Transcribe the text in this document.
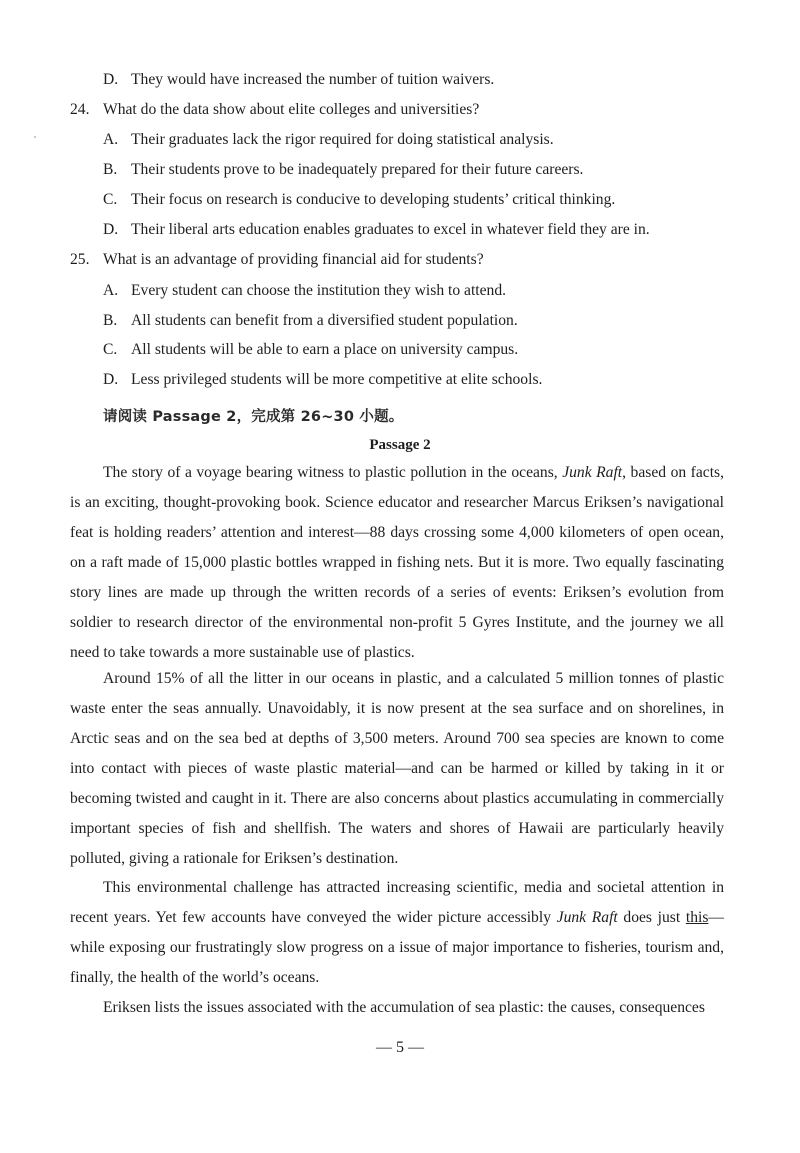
D. They would have increased the number of tuition waivers.
24. What do the data show about elite colleges and universities?
A. Their graduates lack the rigor required for doing statistical analysis.
B. Their students prove to be inadequately prepared for their future careers.
C. Their focus on research is conducive to developing students’ critical thinking.
D. Their liberal arts education enables graduates to excel in whatever field they are in.
25. What is an advantage of providing financial aid for students?
A. Every student can choose the institution they wish to attend.
B. All students can benefit from a diversified student population.
C. All students will be able to earn a place on university campus.
D. Less privileged students will be more competitive at elite schools.
请阅读 Passage 2，完成第 26~30 小题。
Passage 2
The story of a voyage bearing witness to plastic pollution in the oceans, Junk Raft, based on facts, is an exciting, thought-provoking book. Science educator and researcher Marcus Eriksen’s navigational feat is holding readers’ attention and interest—88 days crossing some 4,000 kilometers of open ocean, on a raft made of 15,000 plastic bottles wrapped in fishing nets. But it is more. Two equally fascinating story lines are made up through the written records of a series of events: Eriksen’s evolution from soldier to research director of the environmental non-profit 5 Gyres Institute, and the journey we all need to take towards a more sustainable use of plastics.
Around 15% of all the litter in our oceans in plastic, and a calculated 5 million tonnes of plastic waste enter the seas annually. Unavoidably, it is now present at the sea surface and on shorelines, in Arctic seas and on the sea bed at depths of 3,500 meters. Around 700 sea species are known to come into contact with pieces of waste plastic material—and can be harmed or killed by taking in it or becoming twisted and caught in it. There are also concerns about plastics accumulating in commercially important species of fish and shellfish. The waters and shores of Hawaii are particularly heavily polluted, giving a rationale for Eriksen’s destination.
This environmental challenge has attracted increasing scientific, media and societal attention in recent years. Yet few accounts have conveyed the wider picture accessibly Junk Raft does just this—while exposing our frustratingly slow progress on a issue of major importance to fisheries, tourism and, finally, the health of the world’s oceans.
Eriksen lists the issues associated with the accumulation of sea plastic: the causes, consequences
— 5 —
